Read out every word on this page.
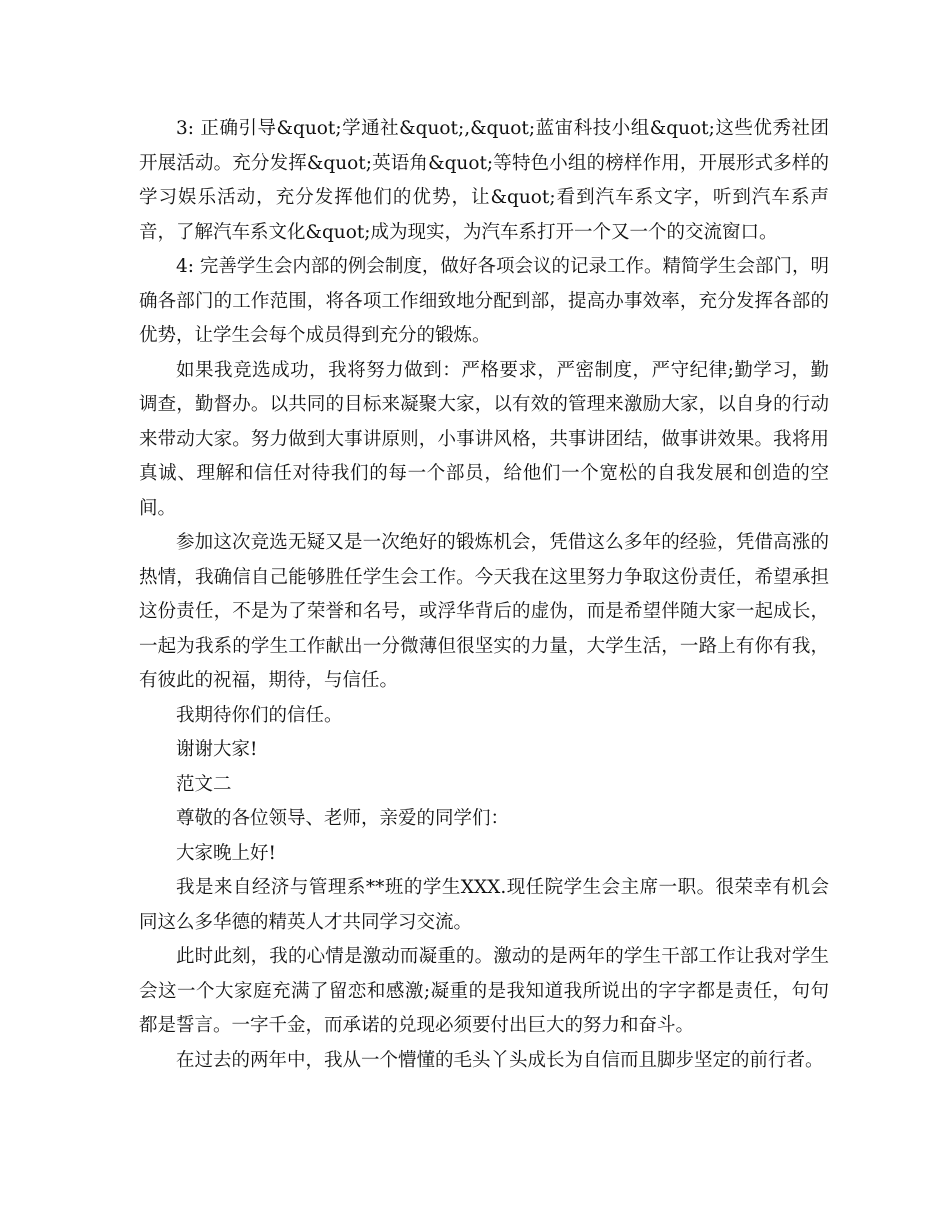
3: 正确引导&quot;学通社&quot;,&quot;蓝宙科技小组&quot;这些优秀社团开展活动。充分发挥&quot;英语角&quot;等特色小组的榜样作用，开展形式多样的学习娱乐活动，充分发挥他们的优势，让&quot;看到汽车系文字，听到汽车系声音，了解汽车系文化&quot;成为现实，为汽车系打开一个又一个的交流窗口。

4: 完善学生会内部的例会制度，做好各项会议的记录工作。精简学生会部门，明确各部门的工作范围，将各项工作细致地分配到部，提高办事效率，充分发挥各部的优势，让学生会每个成员得到充分的锻炼。

如果我竞选成功，我将努力做到：严格要求，严密制度，严守纪律;勤学习，勤调查，勤督办。以共同的目标来凝聚大家，以有效的管理来激励大家，以自身的行动来带动大家。努力做到大事讲原则，小事讲风格，共事讲团结，做事讲效果。我将用真诚、理解和信任对待我们的每一个部员，给他们一个宽松的自我发展和创造的空间。

参加这次竞选无疑又是一次绝好的锻炼机会，凭借这么多年的经验，凭借高涨的热情，我确信自己能够胜任学生会工作。今天我在这里努力争取这份责任，希望承担这份责任，不是为了荣誉和名号，或浮华背后的虚伪，而是希望伴随大家一起成长，一起为我系的学生工作献出一分微薄但很坚实的力量，大学生活，一路上有你有我，有彼此的祝福，期待，与信任。

我期待你们的信任。

谢谢大家!

范文二

尊敬的各位领导、老师，亲爱的同学们：

大家晚上好!

我是来自经济与管理系**班的学生XXX.现任院学生会主席一职。很荣幸有机会同这么多华德的精英人才共同学习交流。

此时此刻，我的心情是激动而凝重的。激动的是两年的学生干部工作让我对学生会这一个大家庭充满了留恋和感激;凝重的是我知道我所说出的字字都是责任，句句都是誓言。一字千金，而承诺的兑现必须要付出巨大的努力和奋斗。

在过去的两年中，我从一个懵懂的毛头丫头成长为自信而且脚步坚定的前行者。
